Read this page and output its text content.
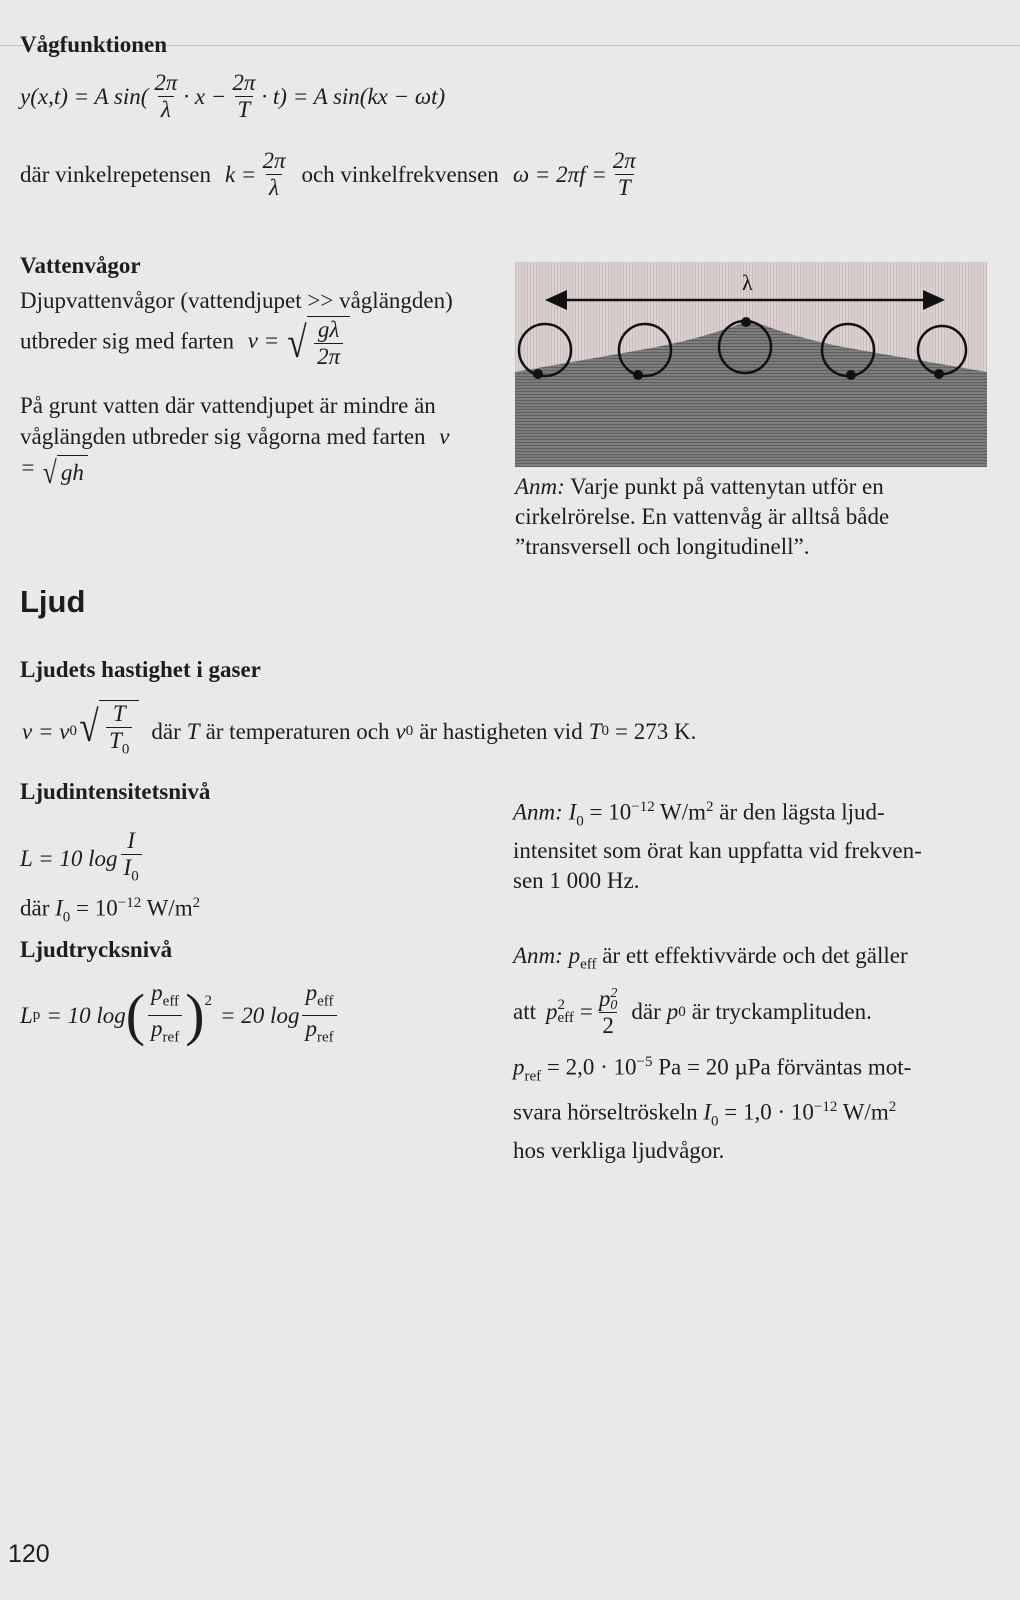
Vågfunktionen
y(x,t) = A $\sin( \frac{2\pi}{\lambda} \cdot x - \frac{2\pi}{T} \cdot t) = A$ sin(kx − ωt)
där vinkelrepetensen $k = \frac{2\pi}{\lambda}$ och vinkelfrekvensen $\omega = 2\pi f = \frac{2\pi}{T}$
Vattenvågor
Djupvattenvågor (vattendjupet >> våglängden) utbreder sig med farten v = √ $\frac{g\lambda}{2\pi}$
På grunt vatten där vattendjupet är mindre än våglängden utbreder sig vågorna med farten v = √ gh
λ
Anm: Varje punkt på vattenytan utför en cirkelrörelse. En vattenvåg är alltså både ”transversell och longitudinell”.
Ljud
Ljudets hastighet i gaser
v = v 0 √ $\frac{T}{T_0}$ där T är temperaturen och v 0 är hastigheten vid T 0 = 273 K.
Ljudintensitetsnivå
L = 10 $\log \frac{I}{I_0}$
där $I_0 = 10^{-12}$ $W/m^2$
Anm: $I_0 = 10^{-12}$ $W/m^2$ är den lägsta ljud-
intensitet som örat kan uppfatta vid frekven-
sen 1 000 Hz.
Ljudtrycksnivå
L p = 10 log ( $\frac{p_{eff}}{p_{ref}} )^2$
= 20 $\log \frac{p_{eff}}{p_{ref}}$
Anm: $p_{eff}$ är ett effektivvärde och det gäller
att p 2
eff = p 2
0
2 där p 0 är tryckamplituden.
$p_{ref} = 2,0 \cdot 10^{-5}$ Pa = 20 µPa förväntas mot-
svara hörseltröskeln $I_0 = 1,0 \cdot 10^{-12}$ $W/m^2$
hos verkliga ljudvågor.
120
